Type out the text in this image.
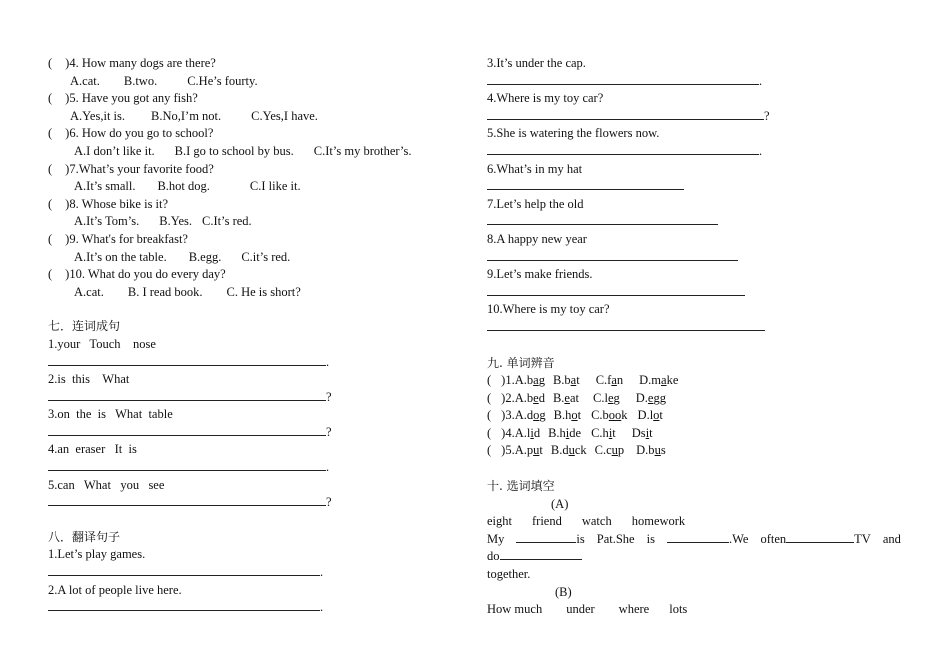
( )4. How many dogs are there?
A.cat. B.two. C.He’s fourty.
( )5. Have you got any fish?
A.Yes,it is. B.No,I’m not. C.Yes,I have.
( )6. How do you go to school?
A.I don’t like it. B.I go to school by bus. C.It’s my brother’s.
( )7.What’s your favorite food?
A.It’s small. B.hot dog.	C.I like it.
( )8. Whose bike is it?
A.It’s Tom’s. B.Yes. C.It’s red.
( )9. What's for breakfast?
A.It’s on the table. B.egg. C.it’s red.
( )10. What do you do every day?
A.cat. B. I read book. C. He is short?
七．连词成句
1.your   Touch    nose
.
2.is  this    What
?
3.on  the  is   What  table
?
4.an  eraser   It  is
.
5.can   What   you   see
?
八．翻译句子
1.Let’s play games.
.
2.A lot of people live here.
.
3.It’s under the cap.
.
4.Where is my toy car?
?
5.She is watering the flowers now.
.
6.What’s in my hat
7.Let’s help the old
8.A happy new year
9.Let’s make friends.
10.Where is my toy car?
九. 单词辨音
( )1.A.bag B.bat C.fan D.make
( )2.A.bed B.eat C.leg D.egg
( )3.A.dog B.hot C.book D.lot
( )4.A.lid B.hide C.hit Dsit
( )5.A.put B.duck C.cup D.bus
十. 选词填空
(A)
eight friend watch homework
My	is Pat.She is	.We often	TV and
do
together.
(B)
How much under where lots
